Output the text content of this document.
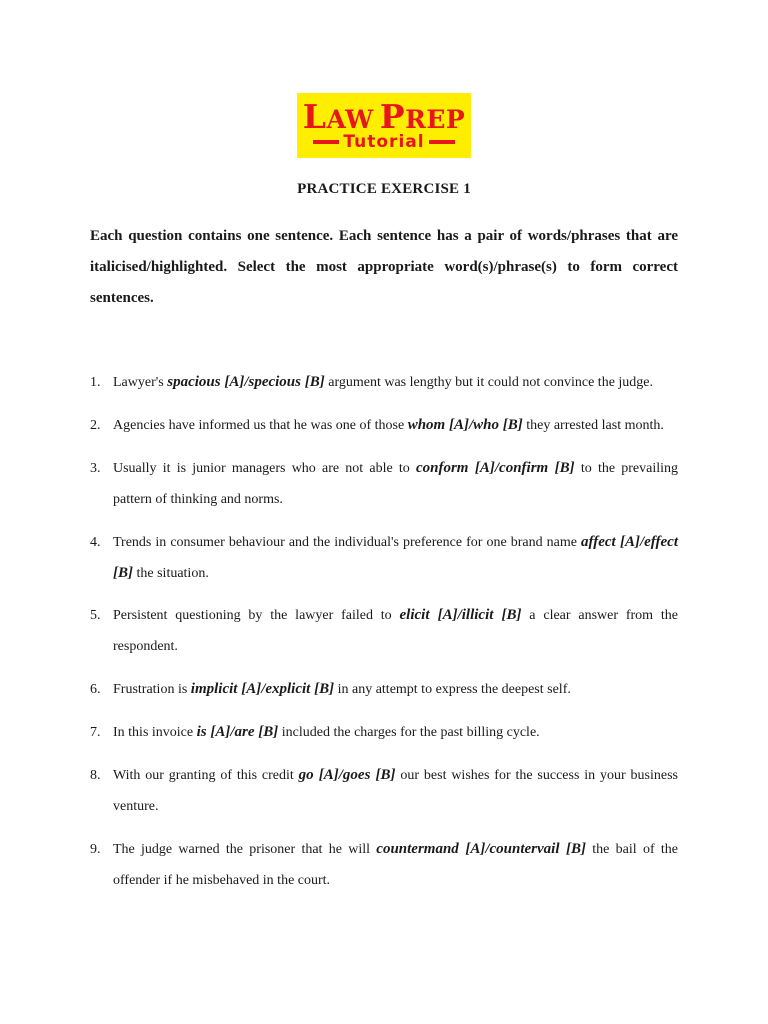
LAW PREP
Tutorial
PRACTICE EXERCISE 1

Each question contains one sentence. Each sentence has a pair of words/phrases that are italicised/highlighted. Select the most appropriate word(s)/phrase(s) to form correct sentences.

1. Lawyer's spacious [A]/specious [B] argument was lengthy but it could not convince the judge.
2. Agencies have informed us that he was one of those whom [A]/who [B] they arrested last month.
3. Usually it is junior managers who are not able to conform [A]/confirm [B] to the prevailing pattern of thinking and norms.
4. Trends in consumer behaviour and the individual's preference for one brand name affect [A]/effect [B] the situation.
5. Persistent questioning by the lawyer failed to elicit [A]/illicit [B] a clear answer from the respondent.
6. Frustration is implicit [A]/explicit [B] in any attempt to express the deepest self.
7. In this invoice is [A]/are [B] included the charges for the past billing cycle.
8. With our granting of this credit go [A]/goes [B] our best wishes for the success in your business venture.
9. The judge warned the prisoner that he will countermand [A]/countervail [B] the bail of the offender if he misbehaved in the court.
